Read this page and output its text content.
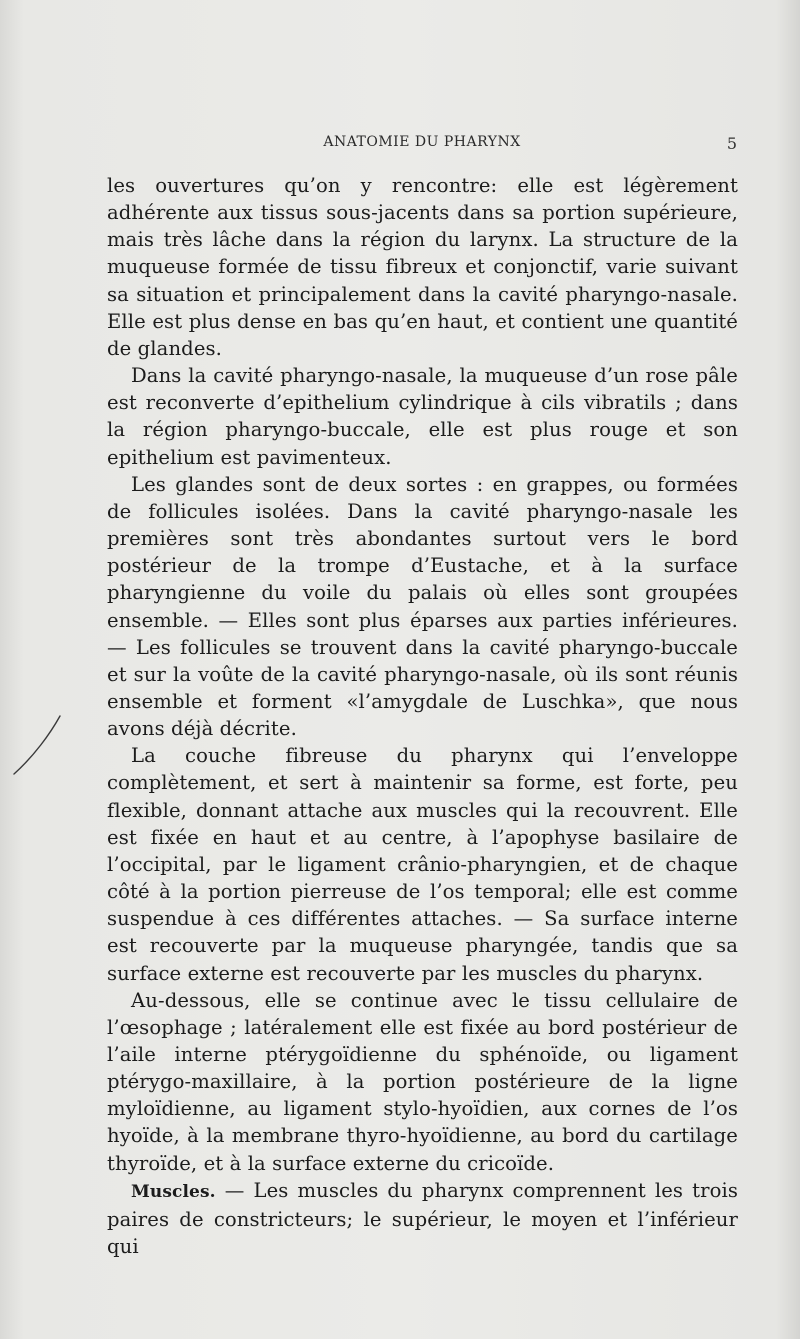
ANATOMIE DU PHARYNX	5

les ouvertures qu’on y rencontre: elle est légèrement adhérente aux tissus sous-jacents dans sa portion supérieure, mais très lâche dans la région du larynx. La structure de la muqueuse formée de tissu fibreux et conjonctif, varie suivant sa situation et principalement dans la cavité pharyngo-nasale. Elle est plus dense en bas qu’en haut, et contient une quantité de glandes.

Dans la cavité pharyngo-nasale, la muqueuse d’un rose pâle est reconverte d’epithelium cylindrique à cils vibratils ; dans la région pharyngo-buccale, elle est plus rouge et son epithelium est pavimenteux.

Les glandes sont de deux sortes : en grappes, ou formées de follicules isolées. Dans la cavité pharyngo-nasale les premières sont très abondantes surtout vers le bord postérieur de la trompe d’Eustache, et à la surface pharyngienne du voile du palais où elles sont groupées ensemble. — Elles sont plus éparses aux parties inférieures. — Les follicules se trouvent dans la cavité pharyngo-buccale et sur la voûte de la cavité pharyngo-nasale, où ils sont réunis ensemble et forment «l’amygdale de Luschka», que nous avons déjà décrite.

La couche fibreuse du pharynx qui l’enveloppe complètement, et sert à maintenir sa forme, est forte, peu flexible, donnant attache aux muscles qui la recouvrent. Elle est fixée en haut et au centre, à l’apophyse basilaire de l’occipital, par le ligament crânio-pharyngien, et de chaque côté à la portion pierreuse de l’os temporal; elle est comme suspendue à ces différentes attaches. — Sa surface interne est recouverte par la muqueuse pharyngée, tandis que sa surface externe est recouverte par les muscles du pharynx.

Au-dessous, elle se continue avec le tissu cellulaire de l’œsophage ; latéralement elle est fixée au bord postérieur de l’aile interne ptérygoïdienne du sphénoïde, ou ligament ptérygo-maxillaire, à la portion postérieure de la ligne myloïdienne, au ligament stylo-hyoïdien, aux cornes de l’os hyoïde, à la membrane thyro-hyoïdienne, au bord du cartilage thyroïde, et à la surface externe du cricoïde.

Muscles. — Les muscles du pharynx comprennent les trois paires de constricteurs; le supérieur, le moyen et l’inférieur qui
